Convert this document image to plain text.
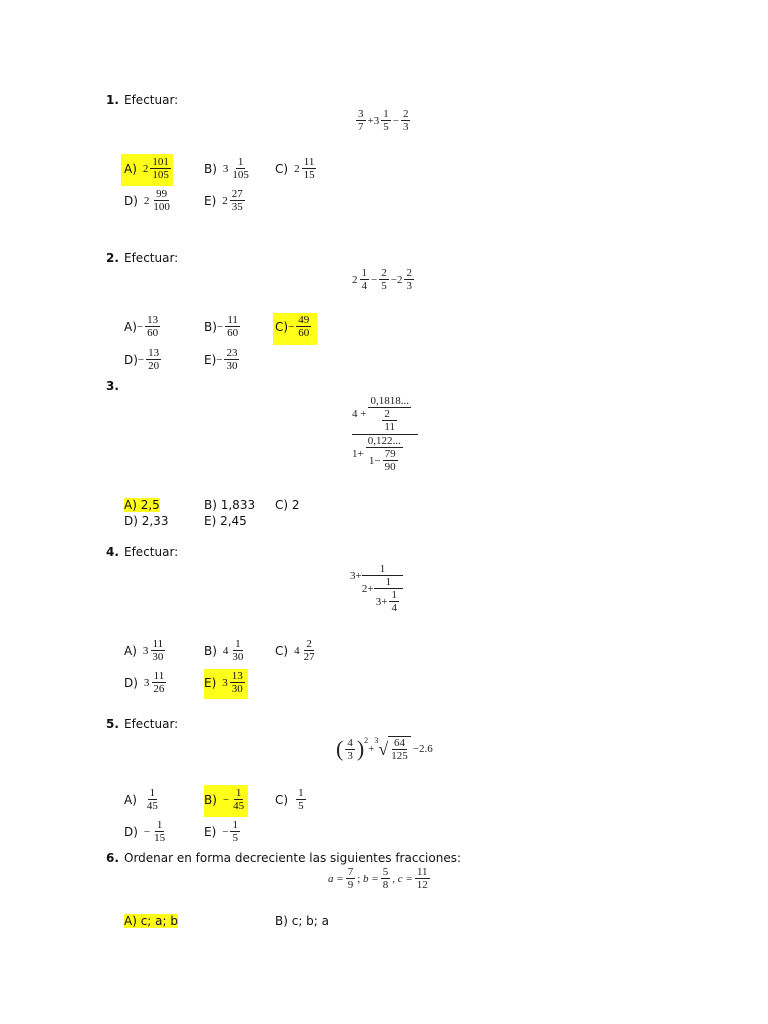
1. Efectuar:
$\frac{3}{7} + 3 \frac{1}{5} - \frac{2}{3}$
A) $2 \frac{101}{105}$	B) $3 \frac{1}{105} C$) $2 \frac{11}{15}$
D) $2 \frac{99}{100}$	E) $2 \frac{27}{35}$
2. Efectuar:
$2 \frac{1}{4} - \frac{2}{5} - 2 \frac{2}{3}$
$A) - \frac{13}{60}$	$B) - \frac{11}{60}$	$C) - \frac{49}{60}$
$D) - \frac{13}{20}$	$E) - \frac{23}{30}$
3.
$\frac{4 + \frac{0,1818...}{\frac{2}{11}}}{1+ \frac{0,122...}{1- \frac{79}{90}}}$
A) 2,5	B) 1,833 C) 2
D) 2,33	E) 2,45
4. Efectuar:
3+
1
$2+ \frac{1}{3+ \frac{1}{4}}$
A) $3 \frac{11}{30}$	B) $4 \frac{1}{30} C$) $4 \frac{2}{27}$
D) $3 \frac{11}{26}$	E) $3 \frac{13}{30}$
5. Efectuar:
( $\frac{4}{3} )^2$
+
$^3$ √ $\frac{64}{125} -2.6$
$A) \frac{1}{45}$	$B) - \frac{1}{45} C) \frac{1}{5}$
$D) - \frac{1}{15}$	$E) - \frac{1}{5}$
6. Ordenar en forma decreciente las siguientes fracciones:
$a = \frac{7}{9}$ ;
$b = \frac{5}{8}$ ,
$c = \frac{11}{12}$
A) c; a; b	B) c; b; a
